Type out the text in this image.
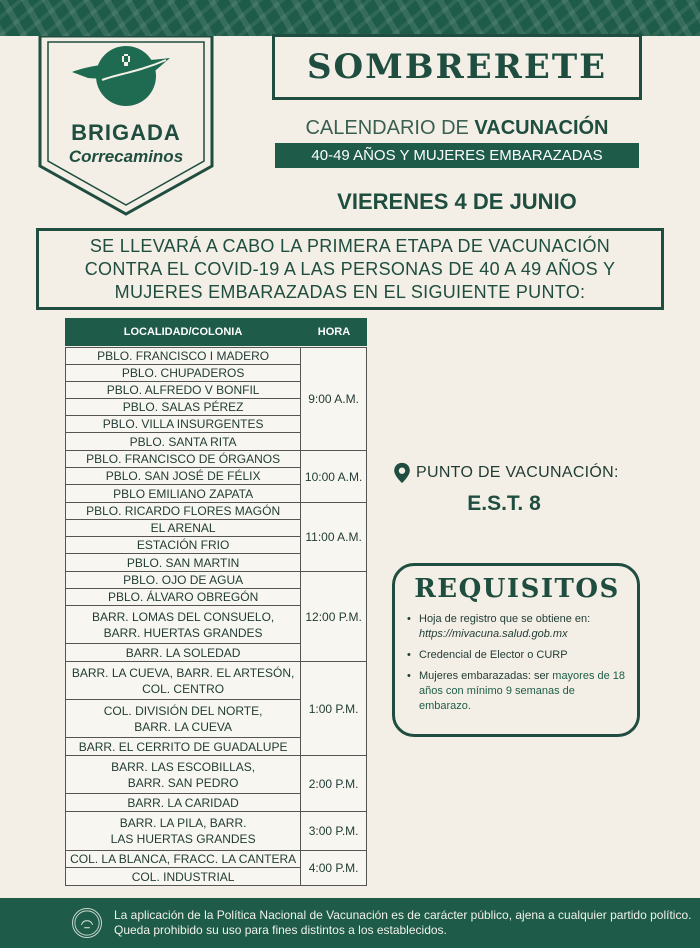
BRIGADA
Correcaminos
SOMBRERETE
CALENDARIO DE VACUNACIÓN
40-49 AÑOS Y MUJERES EMBARAZADAS
VIERENES 4 DE JUNIO
SE LLEVARÁ A CABO LA PRIMERA ETAPA DE VACUNACIÓN CONTRA EL COVID-19 A LAS PERSONAS DE 40 A 49 AÑOS Y MUJERES EMBARAZADAS EN EL SIGUIENTE PUNTO:
LOCALIDAD/COLONIA	HORA
PBLO. FRANCISCO I MADERO
PBLO. CHUPADEROS
PBLO. ALFREDO V BONFIL
PBLO. SALAS PÉREZ
PBLO. VILLA INSURGENTES
PBLO. SANTA RITA
9:00 A.M.
PBLO. FRANCISCO DE ÓRGANOS
PBLO. SAN JOSÉ DE FÉLIX
PBLO EMILIANO ZAPATA
10:00 A.M.
PBLO. RICARDO FLORES MAGÓN
EL ARENAL
ESTACIÓN FRIO
PBLO. SAN MARTIN
11:00 A.M.
PBLO. OJO DE AGUA
PBLO. ÁLVARO OBREGÓN
BARR. LOMAS DEL CONSUELO,
BARR. HUERTAS GRANDES
BARR. LA SOLEDAD
12:00 P.M.
BARR. LA CUEVA, BARR. EL ARTESÓN,
COL. CENTRO
COL. DIVISIÓN DEL NORTE,
BARR. LA CUEVA
BARR. EL CERRITO DE GUADALUPE
1:00 P.M.
BARR. LAS ESCOBILLAS,
BARR. SAN PEDRO
BARR. LA CARIDAD
2:00 P.M.
BARR. LA PILA, BARR.
LAS HUERTAS GRANDES
3:00 P.M.
COL. LA BLANCA, FRACC. LA CANTERA
COL. INDUSTRIAL
4:00 P.M.
PUNTO DE VACUNACIÓN:
E.S.T. 8
REQUISITOS
• Hoja de registro que se obtiene en: https://mivacuna.salud.gob.mx
• Credencial de Elector o CURP
• Mujeres embarazadas: ser mayores de 18 años con mínimo 9 semanas de embarazo.
La aplicación de la Política Nacional de Vacunación es de carácter público, ajena a cualquier partido político. Queda prohibido su uso para fines distintos a los establecidos.
